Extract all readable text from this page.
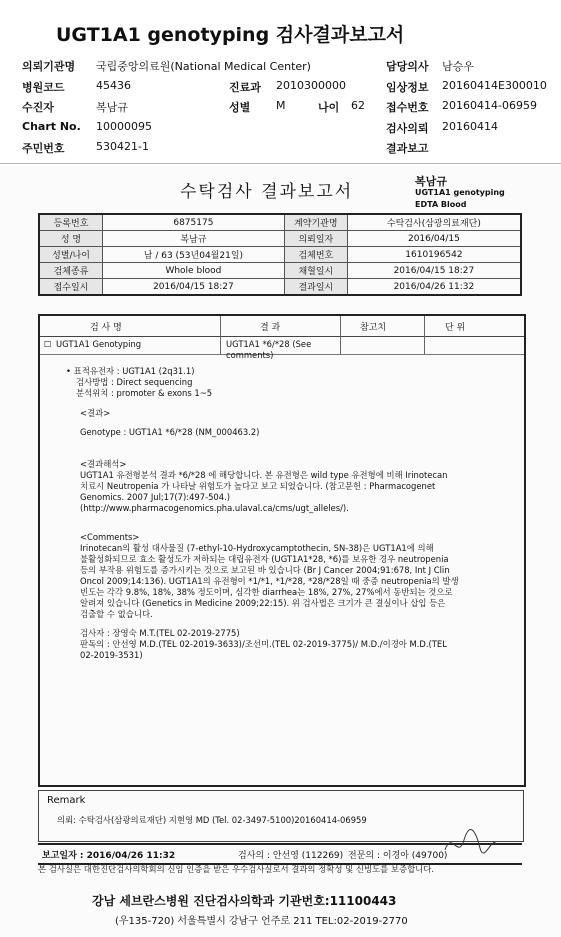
UGT1A1 genotyping 검사결과보고서
의뢰기관명 국립중앙의료원(National Medical Center)	담당의사 남승우
병원코드	45436	진료과 2010300000	임상정보 20160414E300010
수진자	복남규	성별 M	나이 62 접수번호 20160414-06959
Chart No. 10000095	검사의뢰 20160414
주민번호	530421-1	결과보고
수탁검사 결과보고서
복남규
UGT1A1 genotyping
EDTA Blood
등록번호	6875175	계약기관명	수탁검사(삼광의료재단)
성 명	복남규	의뢰일자	2016/04/15
성별/나이	남 / 63 (53년04월21일)	검체번호	1610196542
검체종류	Whole blood	채혈일시	2016/04/15 18:27
접수일시	2016/04/15 18:27	결과일시	2016/04/26 11:32
검 사 명	결 과	참고치	단 위
☐ UGT1A1 Genotyping	UGT1A1 *6/*28 (See comments)
• 표적유전자 : UGT1A1 (2q31.1)
검사방법 : Direct sequencing
분석위치 : promoter & exons 1~5
<결과>
Genotype : UGT1A1 *6/*28 (NM_000463.2)
<결과해석>
UGT1A1 유전형분석 결과 *6/*28 에 해당합니다. 본 유전형은 wild type 유전형에 비해 Irinotecan
치료시 Neutropenia 가 나타날 위험도가 높다고 보고 되었습니다. (참고문헌 : Pharmacogenet
Genomics. 2007 Jul;17(7):497-504.)
(http://www.pharmacogenomics.pha.ulaval.ca/cms/ugt_alleles/).
<Comments>
Irinotecan의 활성 대사물질 (7-ethyl-10-Hydroxycamptothecin, SN-38)은 UGT1A1에 의해
불활성화되므로 효소 활성도가 저하되는 대립유전자 (UGT1A1*28, *6)를 보유한 경우 neutropenia
등의 부작용 위험도를 증가시키는 것으로 보고된 바 있습니다 (Br J Cancer 2004;91:678, Int J Clin
Oncol 2009;14:136). UGT1A1의 유전형이 *1/*1, *1/*28, *28/*28일 때 중증 neutropenia의 발생
빈도는 각각 9.8%, 18%, 38% 정도이며, 심각한 diarrhea는 18%, 27%, 27%에서 동반되는 것으로
알려져 있습니다 (Genetics in Medicine 2009;22:15). 위 검사법은 크기가 큰 결실이나 삽입 등은
검출할 수 없습니다.
검사자 : 장영숙 M.T.(TEL 02-2019-2775)
판독의 : 안선영 M.D.(TEL 02-2019-3633)/조선미.(TEL 02-2019-3775)/ M.D./이경아 M.D.(TEL
02-2019-3531)
Remark
의뢰: 수탁검사(삼광의료재단) 지현영 MD (Tel. 02-3497-5100)20160414-06959
보고일자 : 2016/04/26 11:32	검사의 : 안선영 (112269) 전문의 : 이경아 (49700)
본 검사실은 대한진단검사의학회의 신임 인증을 받은 우수검사실로서 결과의 정확성 및 신빙도를 보증합니다.
강남 세브란스병원 진단검사의학과 기관번호:11100443
(우135-720) 서울특별시 강남구 언주로 211 TEL:02-2019-2770
